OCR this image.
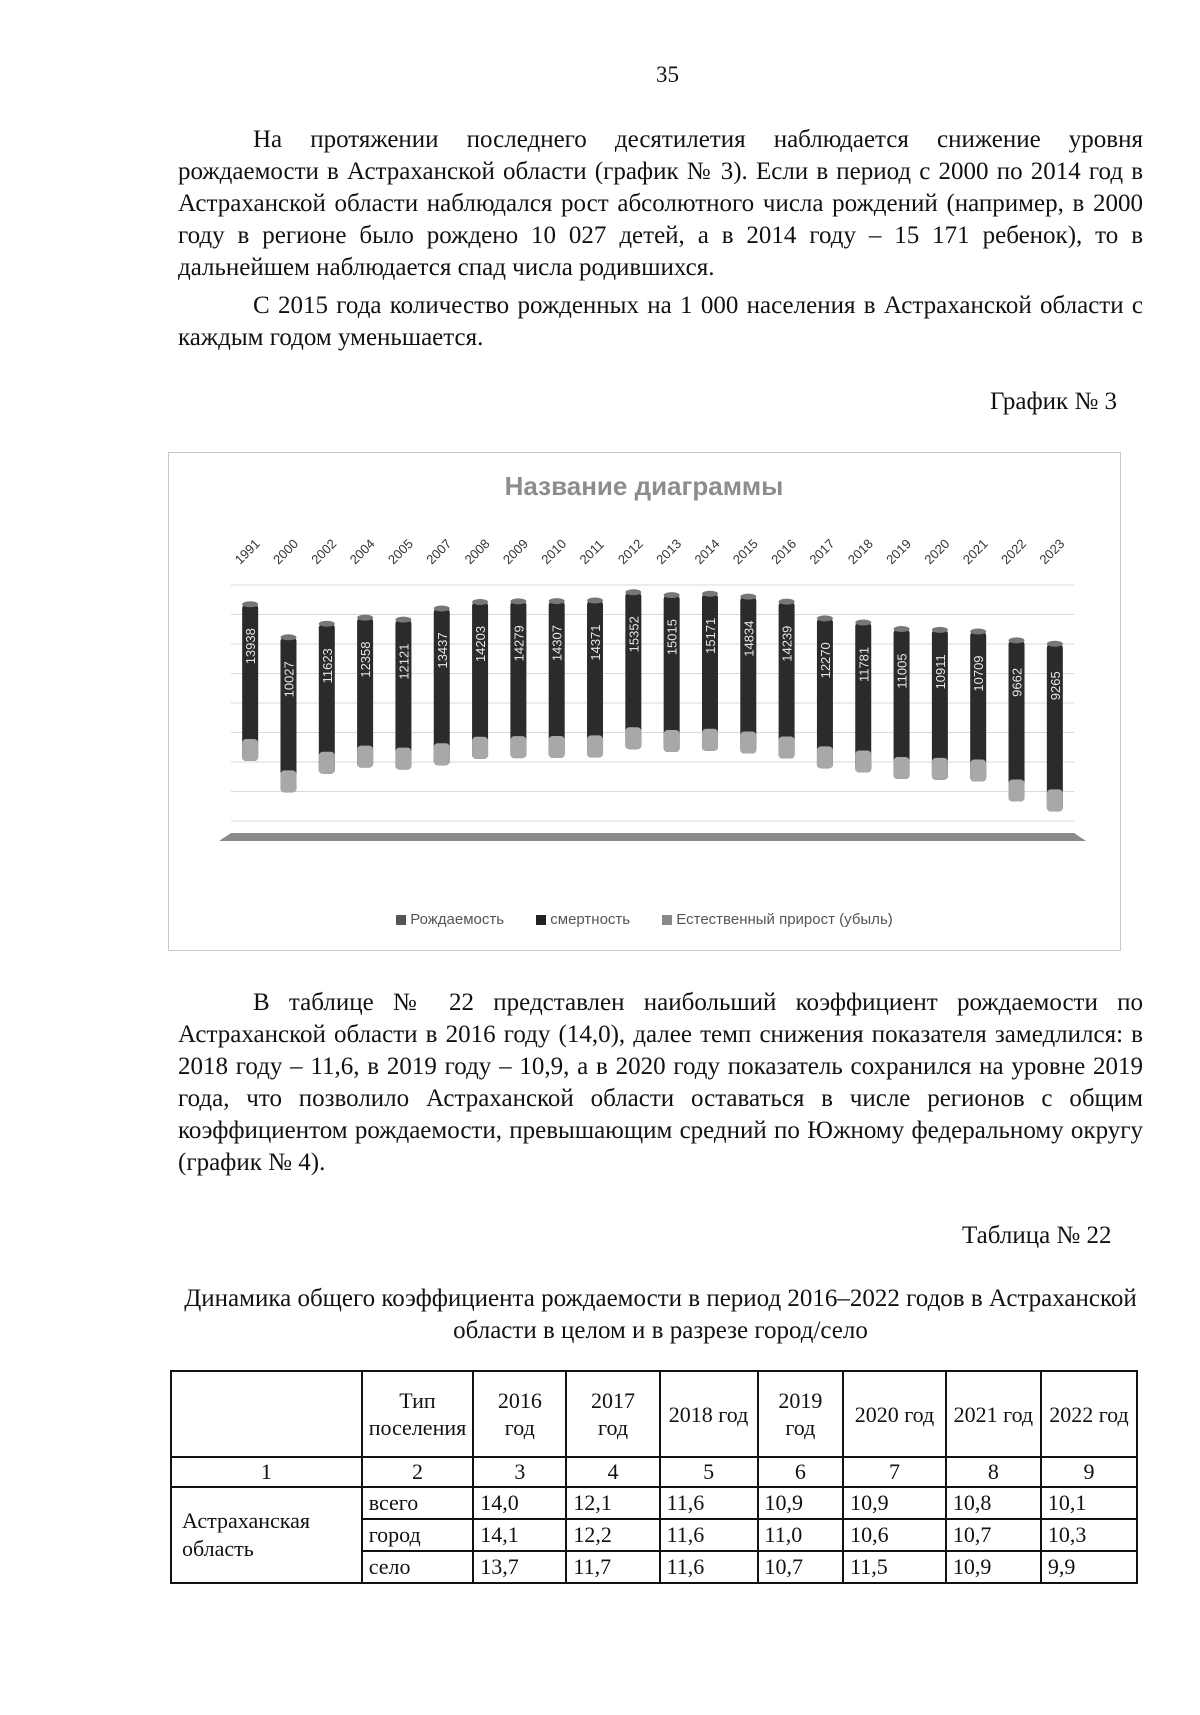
35

На протяжении последнего десятилетия наблюдается снижение уровня рождаемости в Астраханской области (график № 3). Если в период с 2000 по 2014 год в Астраханской области наблюдался рост абсолютного числа рождений (например, в 2000 году в регионе было рождено 10 027 детей, а в 2014 году – 15 171 ребенок), то в дальнейшем наблюдается спад числа родившихся.

С 2015 года количество рожденных на 1 000 населения в Астраханской области с каждым годом уменьшается.

График № 3
Название диаграммы
13938
1991
10027
2000
11623
2002
12358
2004
12121
2005
13437
2007
14203
2008
14279
2009
14307
2010
14371
2011
15352
2012
15015
2013
15171
2014
14834
2015
14239
2016
12270
2017
11781
2018
11005
2019
10911
2020
10709
2021
9662
2022
9265
2023
Рождаемость	смертность	Естественный прирост (убыль)

В таблице № 22 представлен наибольший коэффициент рождаемости по Астраханской области в 2016 году (14,0), далее темп снижения показателя замедлился: в 2018 году – 11,6, в 2019 году – 10,9, а в 2020 году показатель сохранился на уровне 2019 года, что позволило Астраханской области оставаться в числе регионов с общим коэффициентом рождаемости, превышающим средний по Южному федеральному округу (график № 4).

Таблица № 22

Динамика общего коэффициента рождаемости в период 2016–2022 годов в Астраханской области в целом и в разрезе город/село

	Тип поселения	2016 год	2017 год	2018 год	2019 год	2020 год	2021 год	2022 год
1	2	3	4	5	6	7	8	9
Астраханская область	всего	14,0	12,1	11,6	10,9	10,9	10,8	10,1
	город	14,1	12,2	11,6	11,0	10,6	10,7	10,3
	село	13,7	11,7	11,6	10,7	11,5	10,9	9,9
